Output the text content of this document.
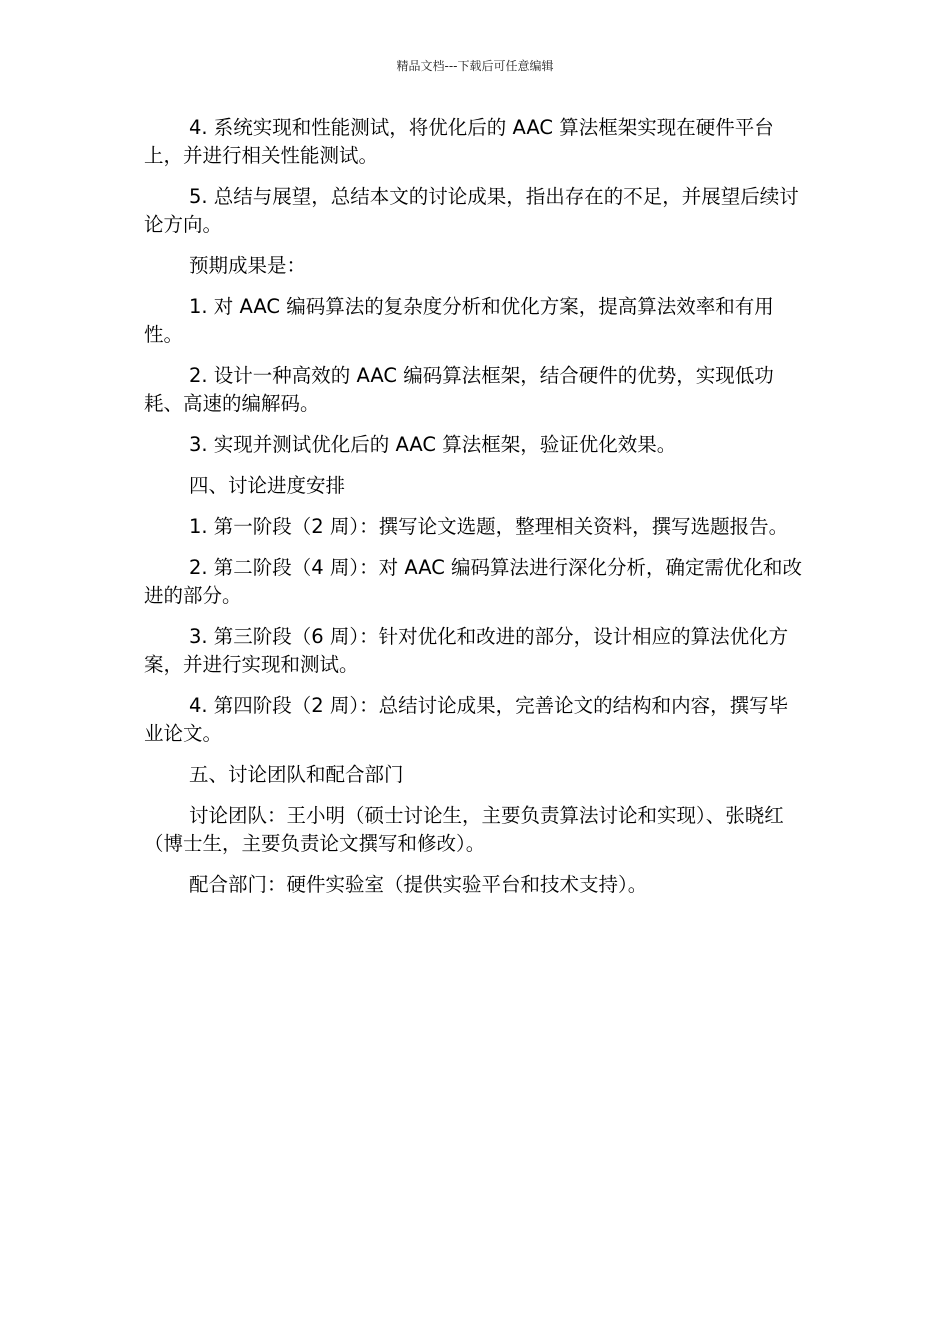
精品文档---下载后可任意编辑

4. 系统实现和性能测试，将优化后的 AAC 算法框架实现在硬件平台上，并进行相关性能测试。

5. 总结与展望，总结本文的讨论成果，指出存在的不足，并展望后续讨论方向。

预期成果是：

1. 对 AAC 编码算法的复杂度分析和优化方案，提高算法效率和有用性。

2. 设计一种高效的 AAC 编码算法框架，结合硬件的优势，实现低功耗、高速的编解码。

3. 实现并测试优化后的 AAC 算法框架，验证优化效果。

四、讨论进度安排

1. 第一阶段（2 周）：撰写论文选题，整理相关资料，撰写选题报告。

2. 第二阶段（4 周）：对 AAC 编码算法进行深化分析，确定需优化和改进的部分。

3. 第三阶段（6 周）：针对优化和改进的部分，设计相应的算法优化方案，并进行实现和测试。

4. 第四阶段（2 周）：总结讨论成果，完善论文的结构和内容，撰写毕业论文。

五、讨论团队和配合部门

讨论团队：王小明（硕士讨论生，主要负责算法讨论和实现）、张晓红（博士生，主要负责论文撰写和修改）。

配合部门：硬件实验室（提供实验平台和技术支持）。
